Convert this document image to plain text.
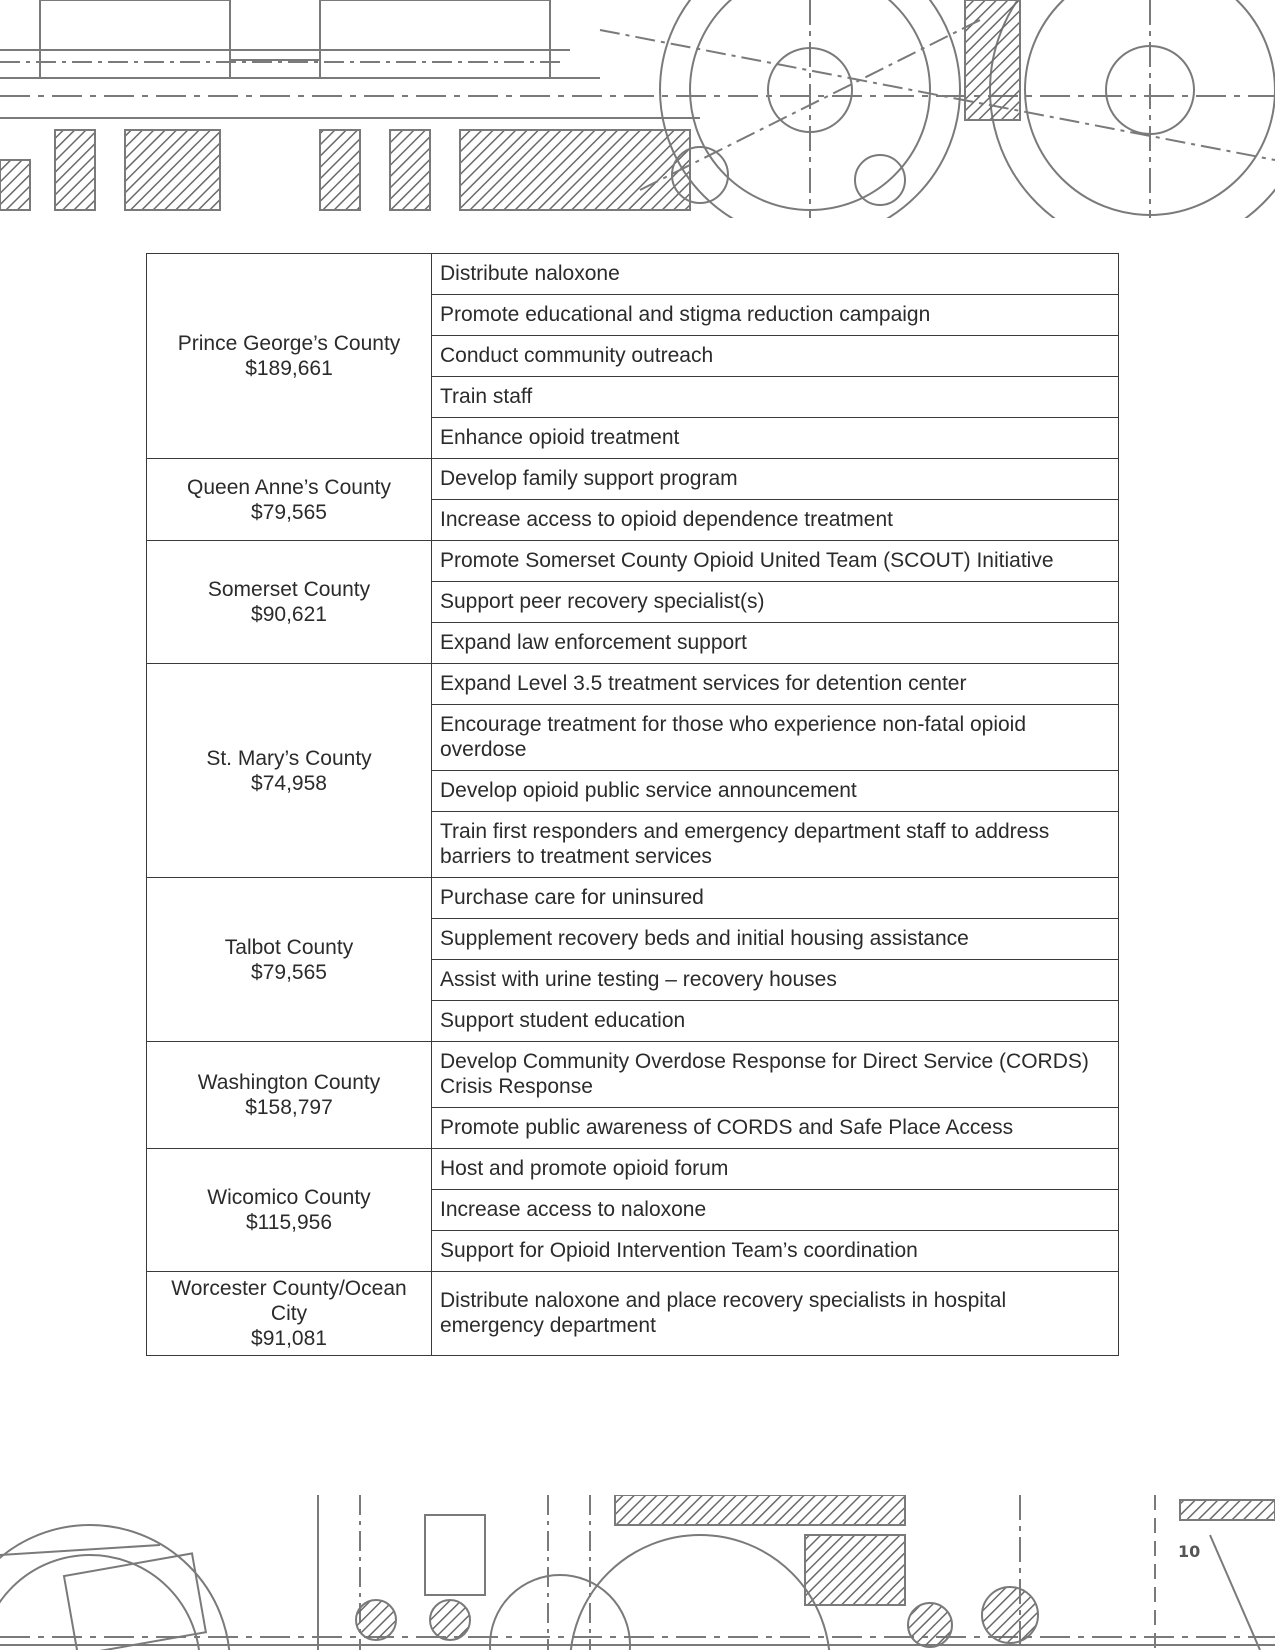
Prince George’s County
$189,661	Distribute naloxone
	Promote educational and stigma reduction campaign
	Conduct community outreach
	Train staff
	Enhance opioid treatment

Queen Anne’s County
$79,565	Develop family support program
	Increase access to opioid dependence treatment

Somerset County
$90,621	Promote Somerset County Opioid United Team (SCOUT) Initiative
	Support peer recovery specialist(s)
	Expand law enforcement support

St. Mary’s County
$74,958	Expand Level 3.5 treatment services for detention center
	Encourage treatment for those who experience non-fatal opioid overdose
	Develop opioid public service announcement
	Train first responders and emergency department staff to address barriers to treatment services

Talbot County
$79,565	Purchase care for uninsured
	Supplement recovery beds and initial housing assistance
	Assist with urine testing – recovery houses
	Support student education

Washington County
$158,797	Develop Community Overdose Response for Direct Service (CORDS) Crisis Response
	Promote public awareness of CORDS and Safe Place Access

Wicomico County
$115,956	Host and promote opioid forum
	Increase access to naloxone
	Support for Opioid Intervention Team’s coordination

Worcester County/Ocean City
$91,081	Distribute naloxone and place recovery specialists in hospital emergency department
10
